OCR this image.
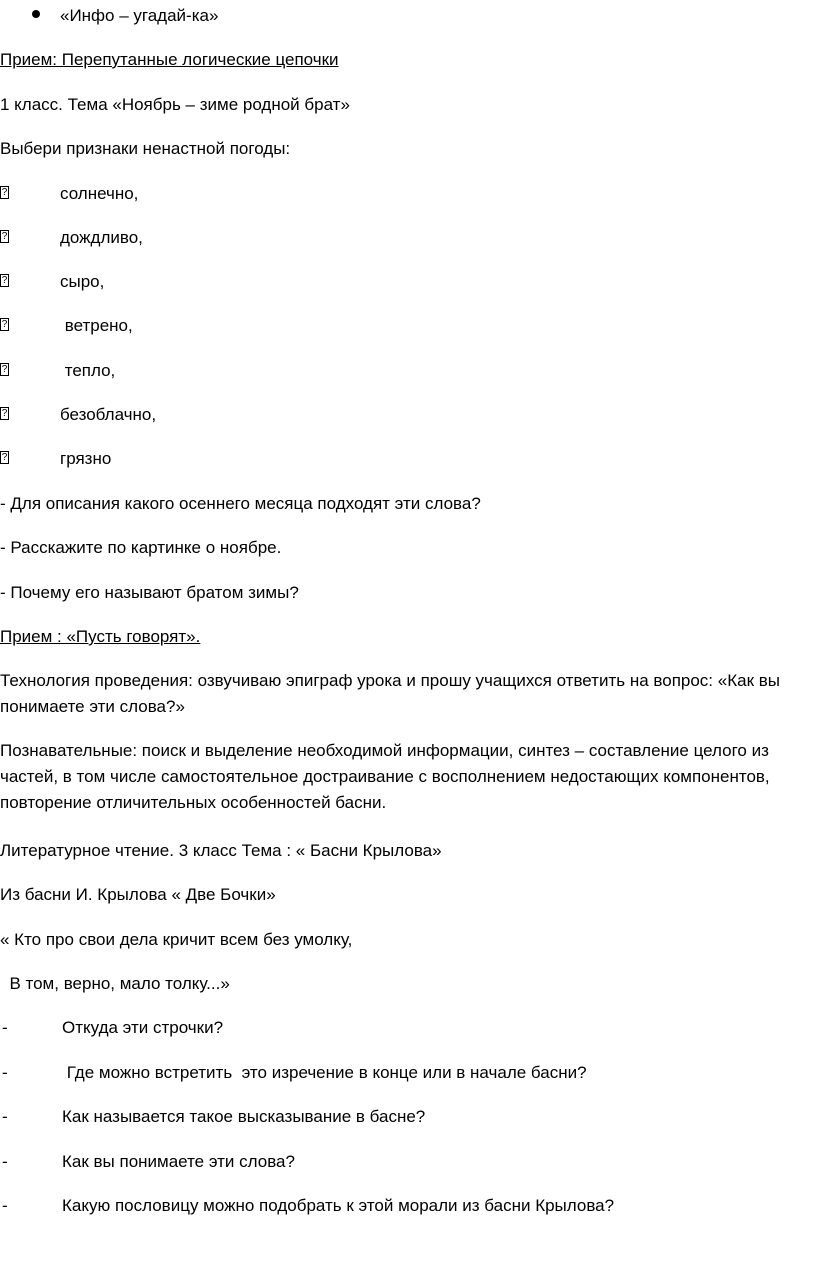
«Инфо – угадай-ка»
Прием: Перепутанные логические цепочки
1 класс. Тема «Ноябрь – зиме родной брат»
Выбери признаки ненастной погоды:
?	солнечно,
?	дождливо,
?	сыро,
?	ветрено,
?	тепло,
?	безоблачно,
?	грязно
- Для описания какого осеннего месяца подходят эти слова?
- Расскажите по картинке о ноябре.
- Почему его называют братом зимы?
Прием : «Пусть говорят».
Технология проведения: озвучиваю эпиграф урока и прошу учащихся ответить на вопрос: «Как вы понимаете эти слова?»
Познавательные: поиск и выделение необходимой информации, синтез – составление целого из частей, в том числе самостоятельное достраивание с восполнением недостающих компонентов, повторение отличительных особенностей басни.
Литературное чтение. 3 класс Тема : « Басни Крылова»
Из басни И. Крылова « Две Бочки»
« Кто про свои дела кричит всем без умолку,
В том, верно, мало толку...»
-	Откуда эти строчки?
-	Где можно встретить  это изречение в конце или в начале басни?
-	Как называется такое высказывание в басне?
-	Как вы понимаете эти слова?
-	Какую пословицу можно подобрать к этой морали из басни Крылова?
